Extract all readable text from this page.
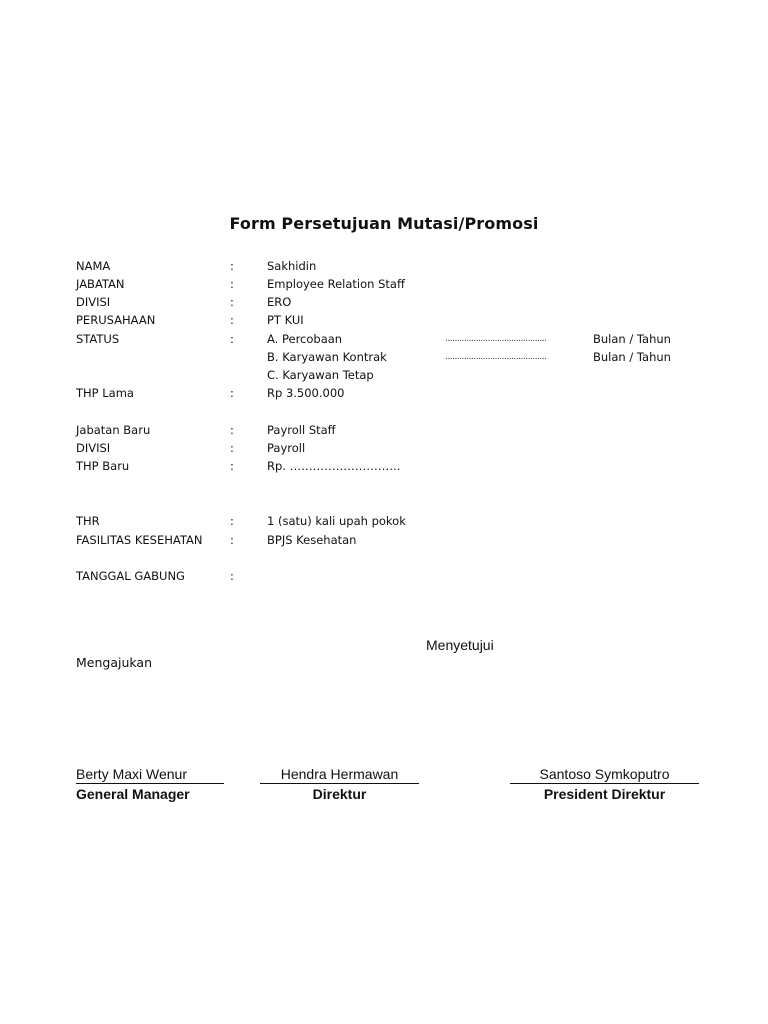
Form Persetujuan Mutasi/Promosi
NAMA	:	Sakhidin
JABATAN	:	Employee Relation Staff
DIVISI	:	ERO
PERUSAHAAN	:	PT KUI
STATUS	:	A. Percobaan	...........................................	Bulan / Tahun
B. Karyawan Kontrak	...........................................	Bulan / Tahun
C. Karyawan Tetap
THP Lama	:	Rp 3.500.000
Jabatan Baru	:	Payroll Staff
DIVISI	:	Payroll
THP Baru	:	Rp. ………………………..
THR	:	1 (satu) kali upah pokok
FASILITAS KESEHATAN :	BPJS Kesehatan
TANGGAL GABUNG	:
Menyetujui
Mengajukan
Berty Maxi Wenur
General Manager
Hendra Hermawan
Direktur
Santoso Symkoputro
President Direktur
